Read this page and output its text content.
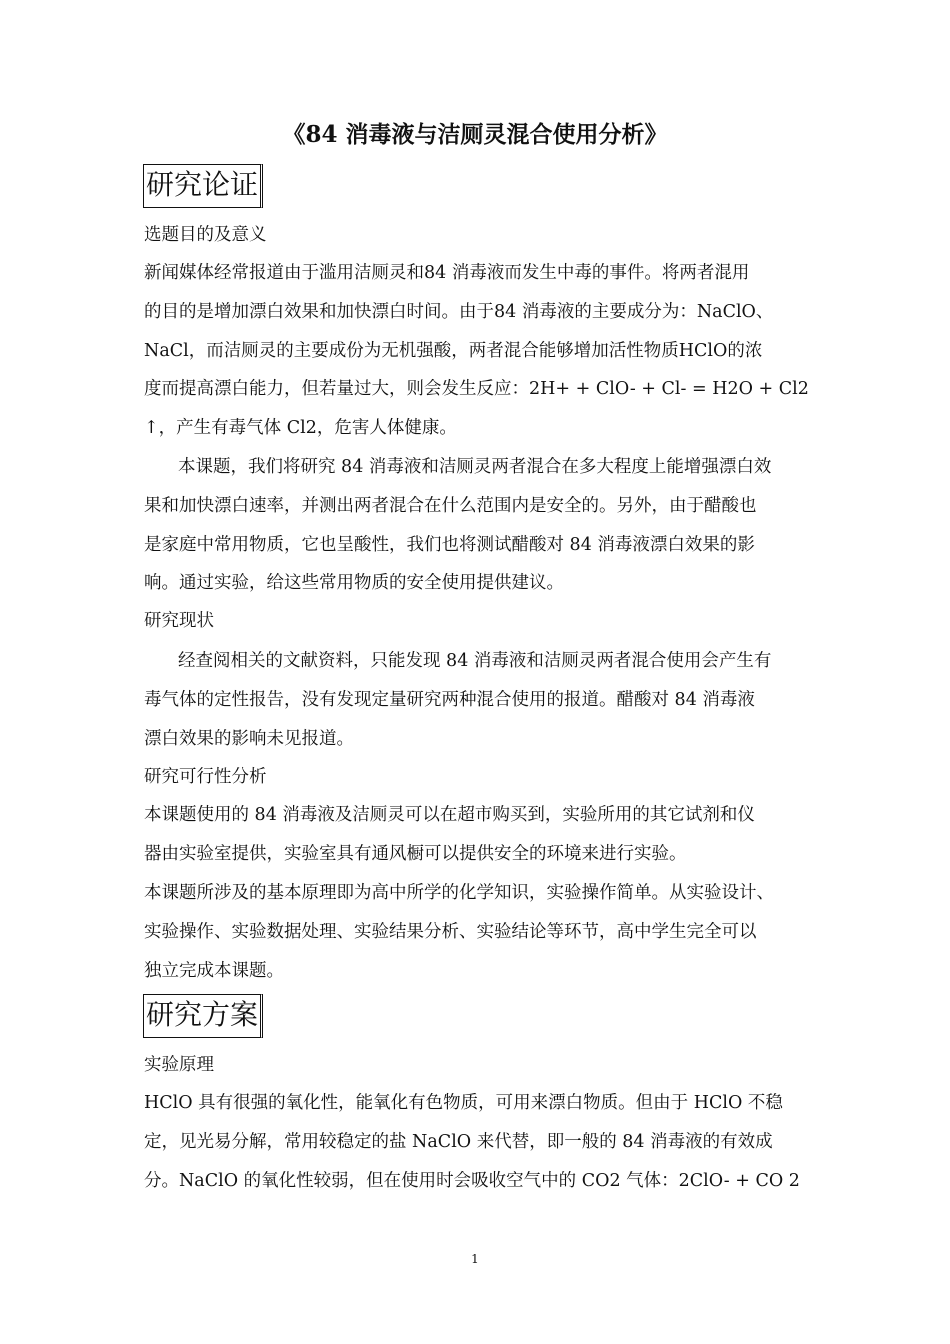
《84 消毒液与洁厕灵混合使用分析》
研究论证
选题目的及意义
新闻媒体经常报道由于滥用洁厕灵和84 消毒液而发生中毒的事件。将两者混用
的目的是增加漂白效果和加快漂白时间。由于84 消毒液的主要成分为：NaClO、
NaCl，而洁厕灵的主要成份为无机强酸，两者混合能够增加活性物质HClO的浓
度而提高漂白能力，但若量过大，则会发生反应：2H+ + ClO- + Cl- = H2O + Cl2
↑，产生有毒气体 Cl2，危害人体健康。
本课题，我们将研究 84 消毒液和洁厕灵两者混合在多大程度上能增强漂白效
果和加快漂白速率，并测出两者混合在什么范围内是安全的。另外，由于醋酸也
是家庭中常用物质，它也呈酸性，我们也将测试醋酸对 84 消毒液漂白效果的影
响。通过实验，给这些常用物质的安全使用提供建议。
研究现状
经查阅相关的文献资料，只能发现 84 消毒液和洁厕灵两者混合使用会产生有
毒气体的定性报告，没有发现定量研究两种混合使用的报道。醋酸对 84 消毒液
漂白效果的影响未见报道。
研究可行性分析
本课题使用的 84 消毒液及洁厕灵可以在超市购买到，实验所用的其它试剂和仪
器由实验室提供，实验室具有通风橱可以提供安全的环境来进行实验。
本课题所涉及的基本原理即为高中所学的化学知识，实验操作简单。从实验设计、
实验操作、实验数据处理、实验结果分析、实验结论等环节，高中学生完全可以
独立完成本课题。
研究方案
实验原理
HClO 具有很强的氧化性，能氧化有色物质，可用来漂白物质。但由于 HClO 不稳
定，见光易分解，常用较稳定的盐 NaClO 来代替，即一般的 84 消毒液的有效成
分。NaClO 的氧化性较弱，但在使用时会吸收空气中的 CO2 气体：2ClO- + CO 2
1
